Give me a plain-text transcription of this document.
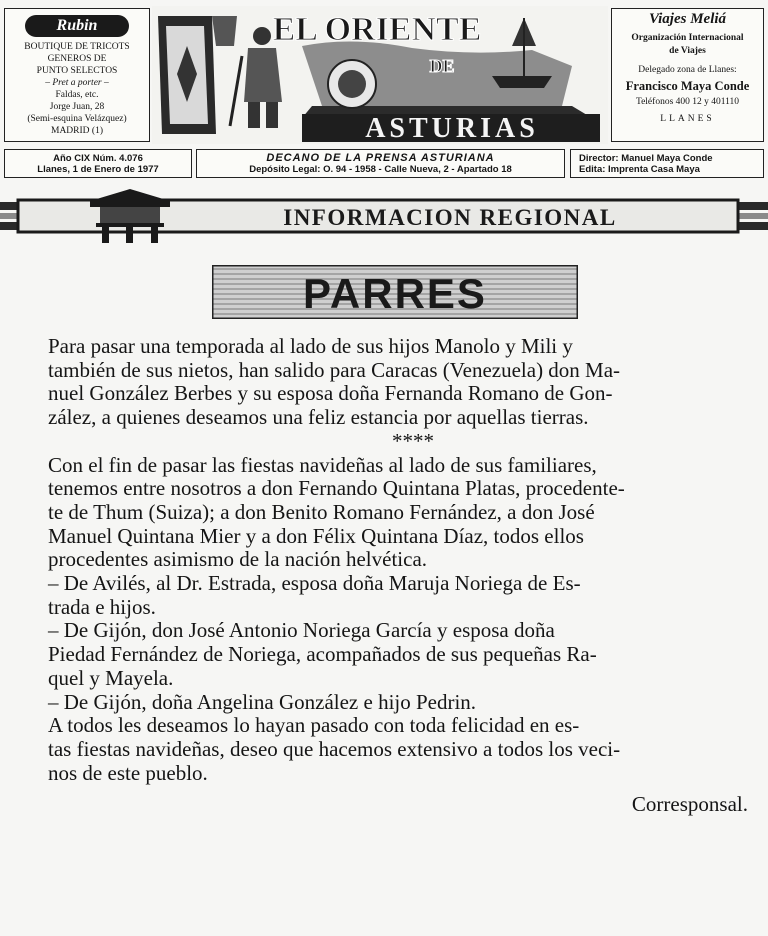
Rubin
BOUTIQUE DE TRICOTS
GENEROS DE
PUNTO SELECTOS
– Pret a porter –
Faldas, etc.
Jorge Juan, 28
(Semi-esquina Velázquez)
MADRID (1)
EL ORIENTE
DE
ASTURIAS
Viajes Meliá
Organización Internacional
de Viajes
Delegado zona de Llanes:
Francisco Maya Conde
Teléfonos 400 12 y 401110
LLANES
Año CIX Núm. 4.076
Llanes, 1 de Enero de 1977
DECANO DE LA PRENSA ASTURIANA
Depósito Legal: O. 94 - 1958 - Calle Nueva, 2 - Apartado 18
Director: Manuel Maya Conde
Edita: Imprenta Casa Maya
INFORMACION REGIONAL
PARRES

Para pasar una temporada al lado de sus hijos Manolo y Mili y

también de sus nietos, han salido para Caracas (Venezuela) don Ma-

nuel González Berbes y su esposa doña Fernanda Romano de Gon-

zález, a quienes deseamos una feliz estancia por aquellas tierras.

****

Con el fin de pasar las fiestas navideñas al lado de sus familiares,

tenemos entre nosotros a don Fernando Quintana Platas, procedente-

te de Thum (Suiza); a don Benito Romano Fernández, a don José

Manuel Quintana Mier y a don Félix Quintana Díaz, todos ellos

procedentes asimismo de la nación helvética.

– De Avilés, al Dr. Estrada, esposa doña Maruja Noriega de Es-

trada e hijos.

– De Gijón, don José Antonio Noriega García y esposa doña

Piedad Fernández de Noriega, acompañados de sus pequeñas Ra-

quel y Mayela.

– De Gijón, doña Angelina González e hijo Pedrin.

A todos les deseamos lo hayan pasado con toda felicidad en es-

tas fiestas navideñas, deseo que hacemos extensivo a todos los veci-

nos de este pueblo.

Corresponsal.
